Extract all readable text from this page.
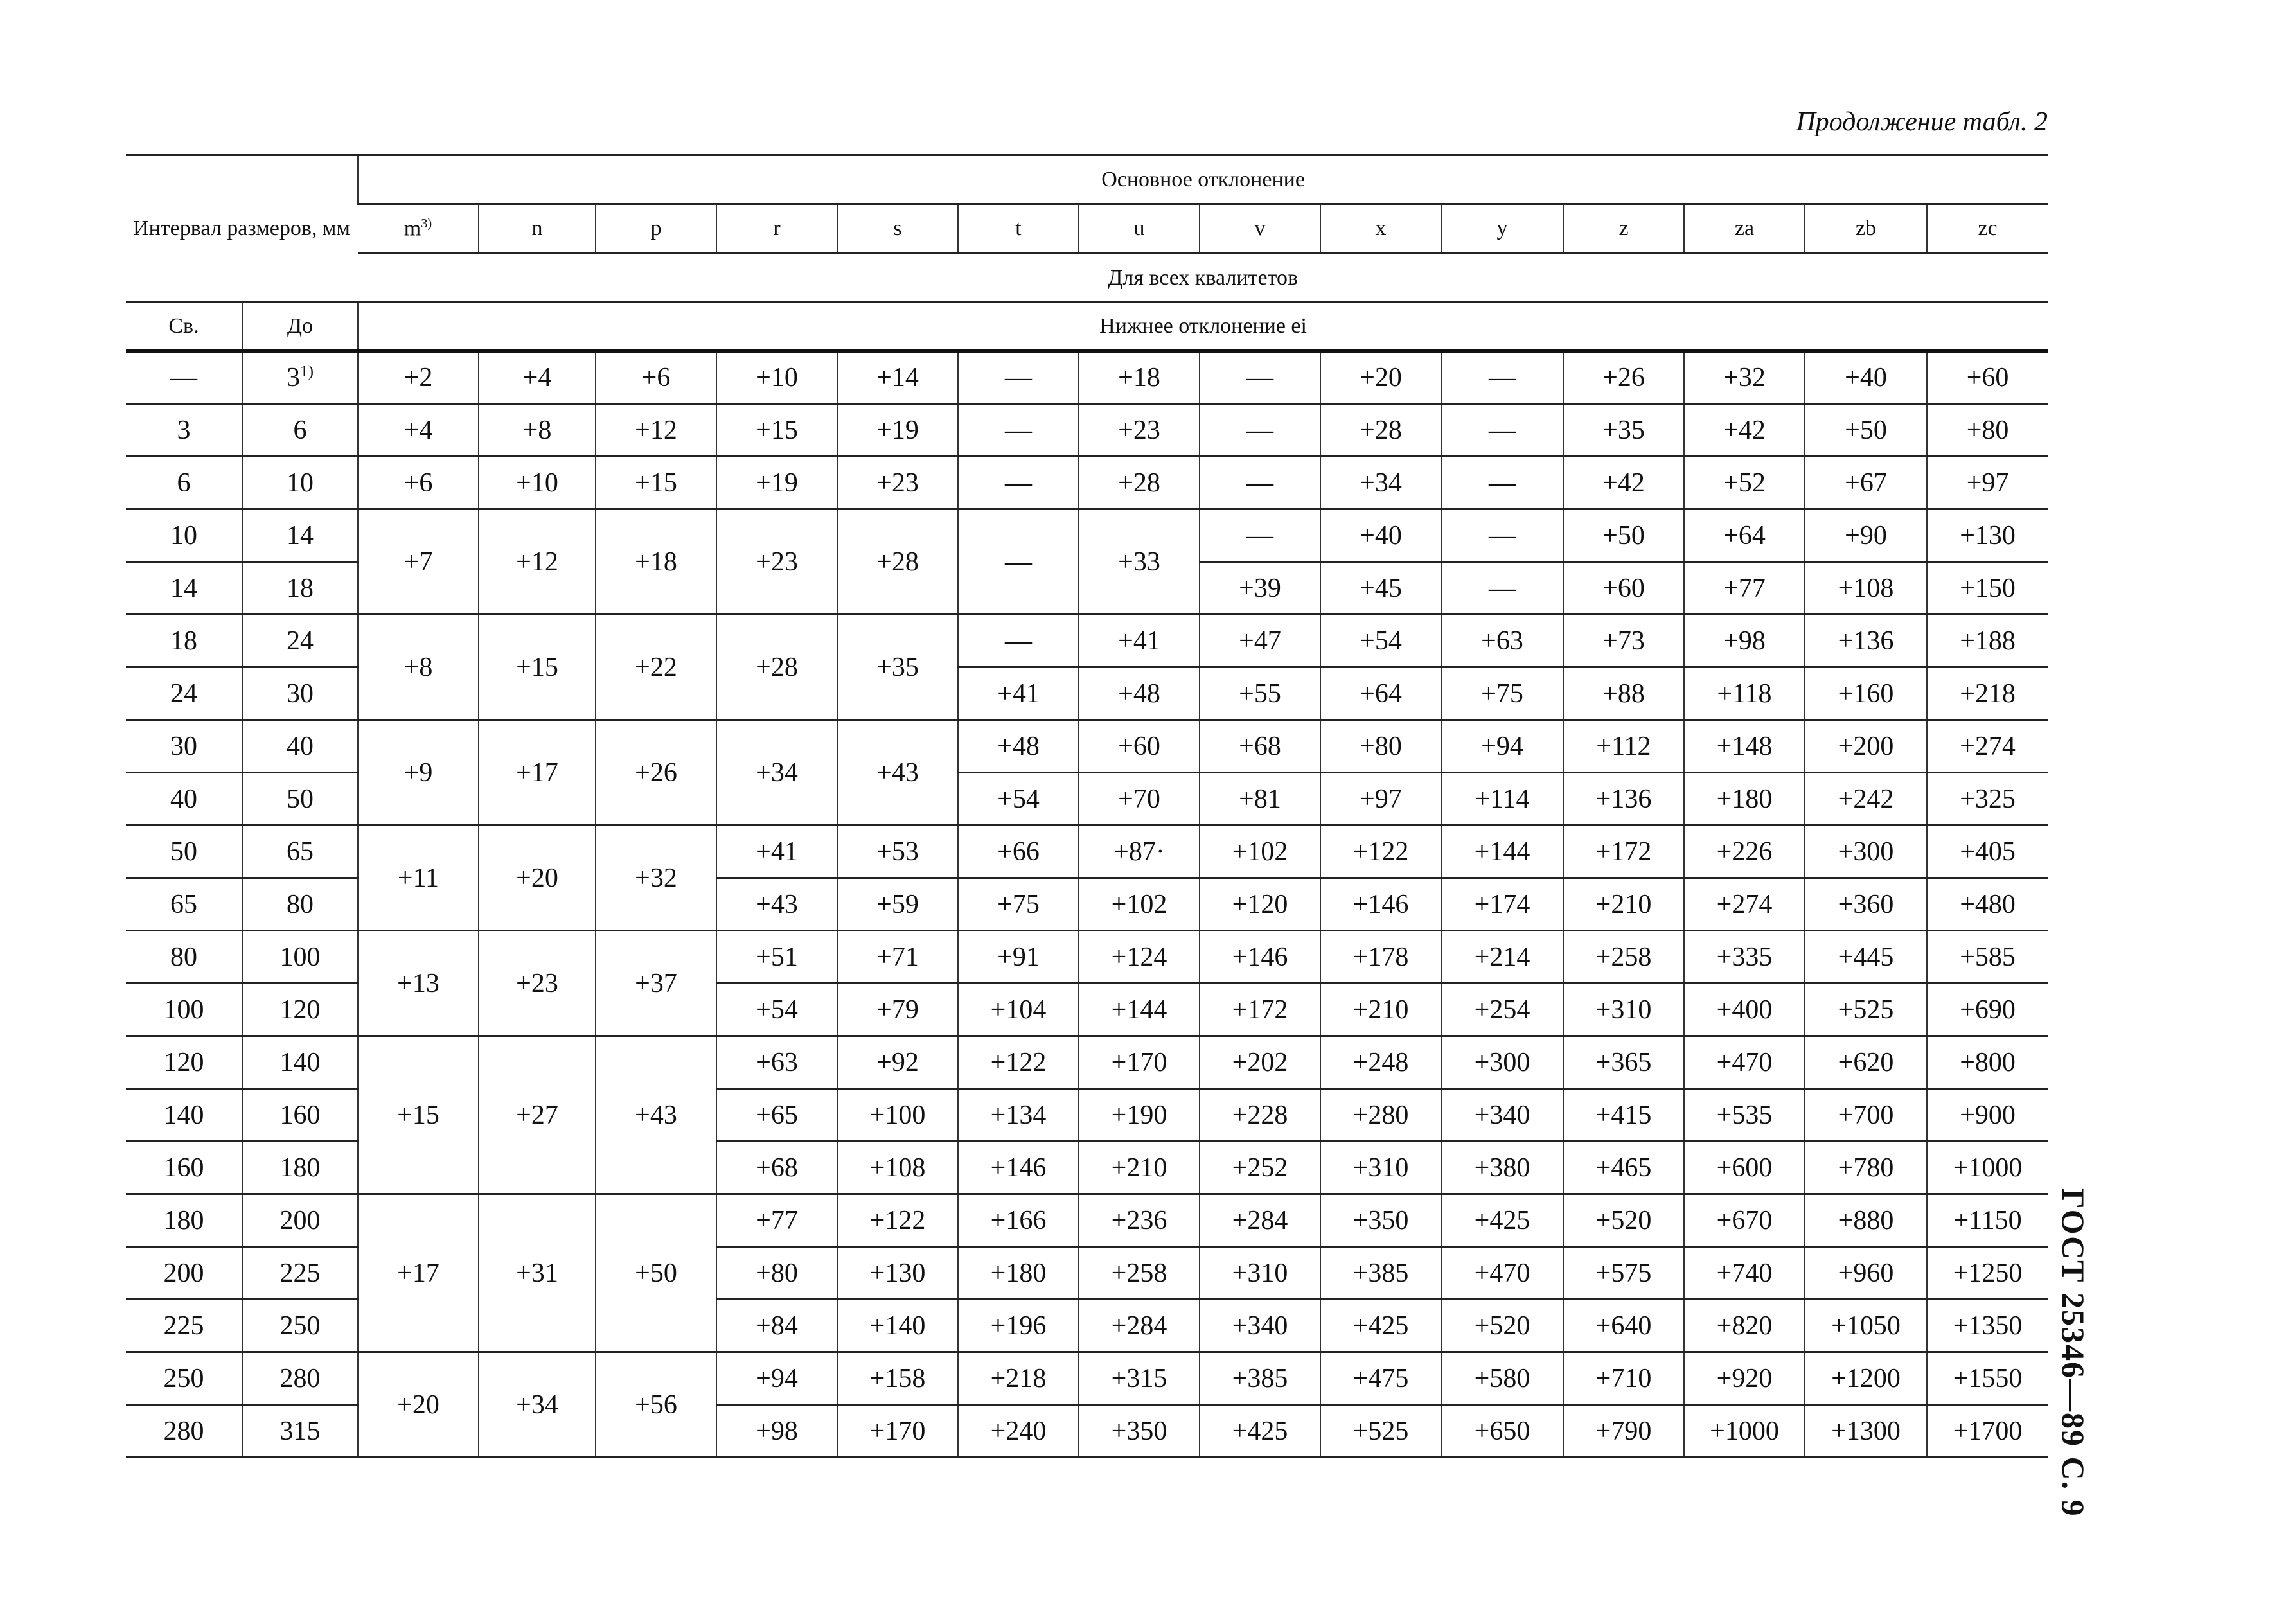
Продолжение табл. 2
ГОСТ 25346—89 С. 9
Интервал размеров, мм		Основное отклонение													
		$m^{3)}$	n	p	r	s	t	u	v	x	y	z	za	zb	zc
		Для всех квалитетов													
Св.	До	Нижнее отклонение ei													
—	$3^{1)}$	+2	+4	+6	+10	+14	—	+18	—	+20	—	+26	+32	+40	+60
3	6	+4	+8	+12	+15	+19	—	+23	—	+28	—	+35	+42	+50	+80
6	10	+6	+10	+15	+19	+23	—	+28	—	+34	—	+42	+52	+67	+97
10	14	+7	+12	+18	+23	+28	—	+33	—	+40	—	+50	+64	+90	+130
14	18								+39	+45	—	+60	+77	+108	+150
18	24	+8	+15	+22	+28	+35	—	+41	+47	+54	+63	+73	+98	+136	+188
24	30						+41	+48	+55	+64	+75	+88	+118	+160	+218
30	40	+9	+17	+26	+34	+43	+48	+60	+68	+80	+94	+112	+148	+200	+274
40	50						+54	+70	+81	+97	+114	+136	+180	+242	+325
50	65	+11	+20	+32	+41	+53	+66	+87·	+102	+122	+144	+172	+226	+300	+405
65	80				+43	+59	+75	+102	+120	+146	+174	+210	+274	+360	+480
80	100	+13	+23	+37	+51	+71	+91	+124	+146	+178	+214	+258	+335	+445	+585
100	120				+54	+79	+104	+144	+172	+210	+254	+310	+400	+525	+690
120	140	+15	+27	+43	+63	+92	+122	+170	+202	+248	+300	+365	+470	+620	+800
140	160				+65	+100	+134	+190	+228	+280	+340	+415	+535	+700	+900
160	180				+68	+108	+146	+210	+252	+310	+380	+465	+600	+780	+1000
180	200	+17	+31	+50	+77	+122	+166	+236	+284	+350	+425	+520	+670	+880	+1150
200	225				+80	+130	+180	+258	+310	+385	+470	+575	+740	+960	+1250
225	250				+84	+140	+196	+284	+340	+425	+520	+640	+820	+1050	+1350
250	280	+20	+34	+56	+94	+158	+218	+315	+385	+475	+580	+710	+920	+1200	+1550
280	315				+98	+170	+240	+350	+425	+525	+650	+790	+1000	+1300	+1700
